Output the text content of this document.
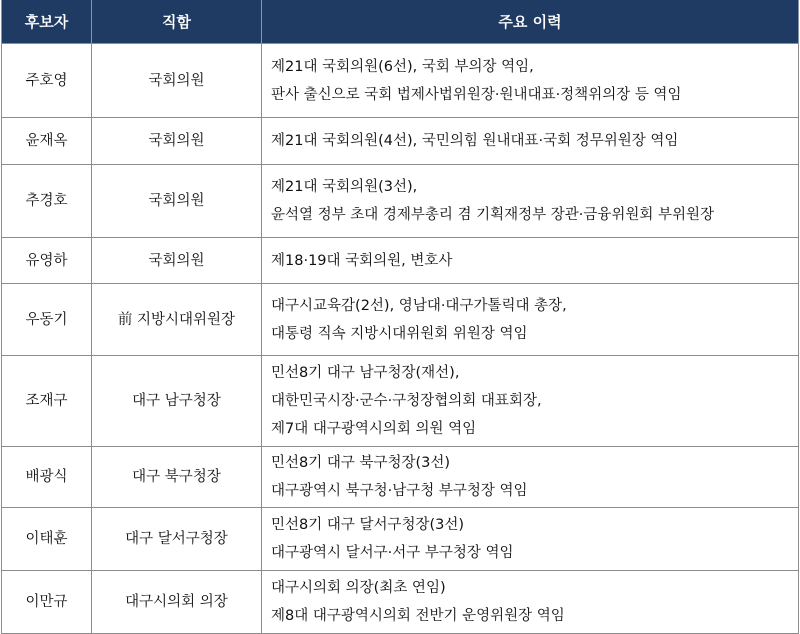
후보자	직함	주요 이력
주호영	국회의원	제21대 국회의원(6선), 국회 부의장 역임,
판사 출신으로 국회 법제사법위원장·원내대표·정책위의장 등 역임

윤재옥	국회의원	제21대 국회의원(4선), 국민의힘 원내대표·국회 정무위원장 역임

추경호	국회의원	제21대 국회의원(3선),
윤석열 정부 초대 경제부총리 겸 기획재정부 장관·금융위원회 부위원장

유영하	국회의원	제18·19대 국회의원, 변호사

우동기	前 지방시대위원장	대구시교육감(2선), 영남대·대구가톨릭대 총장,
대통령 직속 지방시대위원회 위원장 역임

조재구	대구 남구청장	민선8기 대구 남구청장(재선),
대한민국시장·군수·구청장협의회 대표회장,
제7대 대구광역시의회 의원 역임

배광식	대구 북구청장	민선8기 대구 북구청장(3선)
대구광역시 북구청·남구청 부구청장 역임

이태훈	대구 달서구청장	민선8기 대구 달서구청장(3선)
대구광역시 달서구·서구 부구청장 역임

이만규	대구시의회 의장	대구시의회 의장(최초 연임)
제8대 대구광역시의회 전반기 운영위원장 역임
